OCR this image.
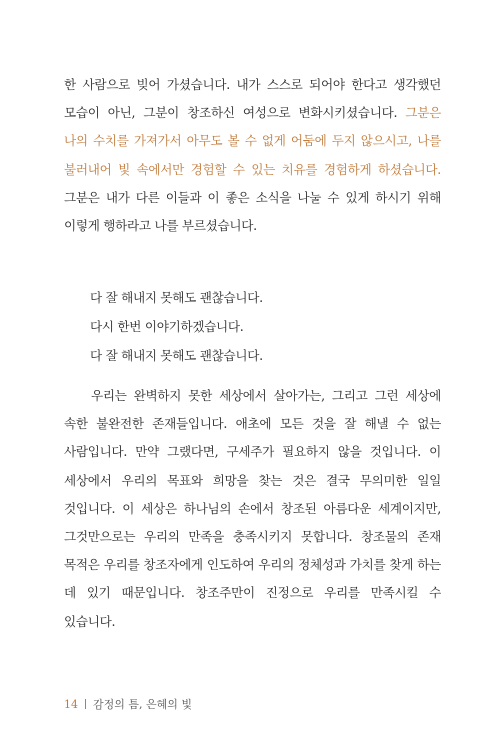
한 사람으로 빚어 가셨습니다. 내가 스스로 되어야 한다고 생각했던 모습이 아닌, 그분이 창조하신 여성으로 변화시키셨습니다. 그분은 나의 수치를 가져가서 아무도 볼 수 없게 어둠에 두지 않으시고, 나를 불러내어 빛 속에서만 경험할 수 있는 치유를 경험하게 하셨습니다. 그분은 내가 다른 이들과 이 좋은 소식을 나눌 수 있게 하시기 위해 이렇게 행하라고 나를 부르셨습니다.

다 잘 해내지 못해도 괜찮습니다.
다시 한번 이야기하겠습니다.
다 잘 해내지 못해도 괜찮습니다.

우리는 완벽하지 못한 세상에서 살아가는, 그리고 그런 세상에 속한 불완전한 존재들입니다. 애초에 모든 것을 잘 해낼 수 없는 사람입니다. 만약 그랬다면, 구세주가 필요하지 않을 것입니다. 이 세상에서 우리의 목표와 희망을 찾는 것은 결국 무의미한 일일 것입니다. 이 세상은 하나님의 손에서 창조된 아름다운 세계이지만, 그것만으로는 우리의 만족을 충족시키지 못합니다. 창조물의 존재 목적은 우리를 창조자에게 인도하여 우리의 정체성과 가치를 찾게 하는 데 있기 때문입니다. 창조주만이 진정으로 우리를 만족시킬 수 있습니다.

14 감정의 틈, 은혜의 빛
